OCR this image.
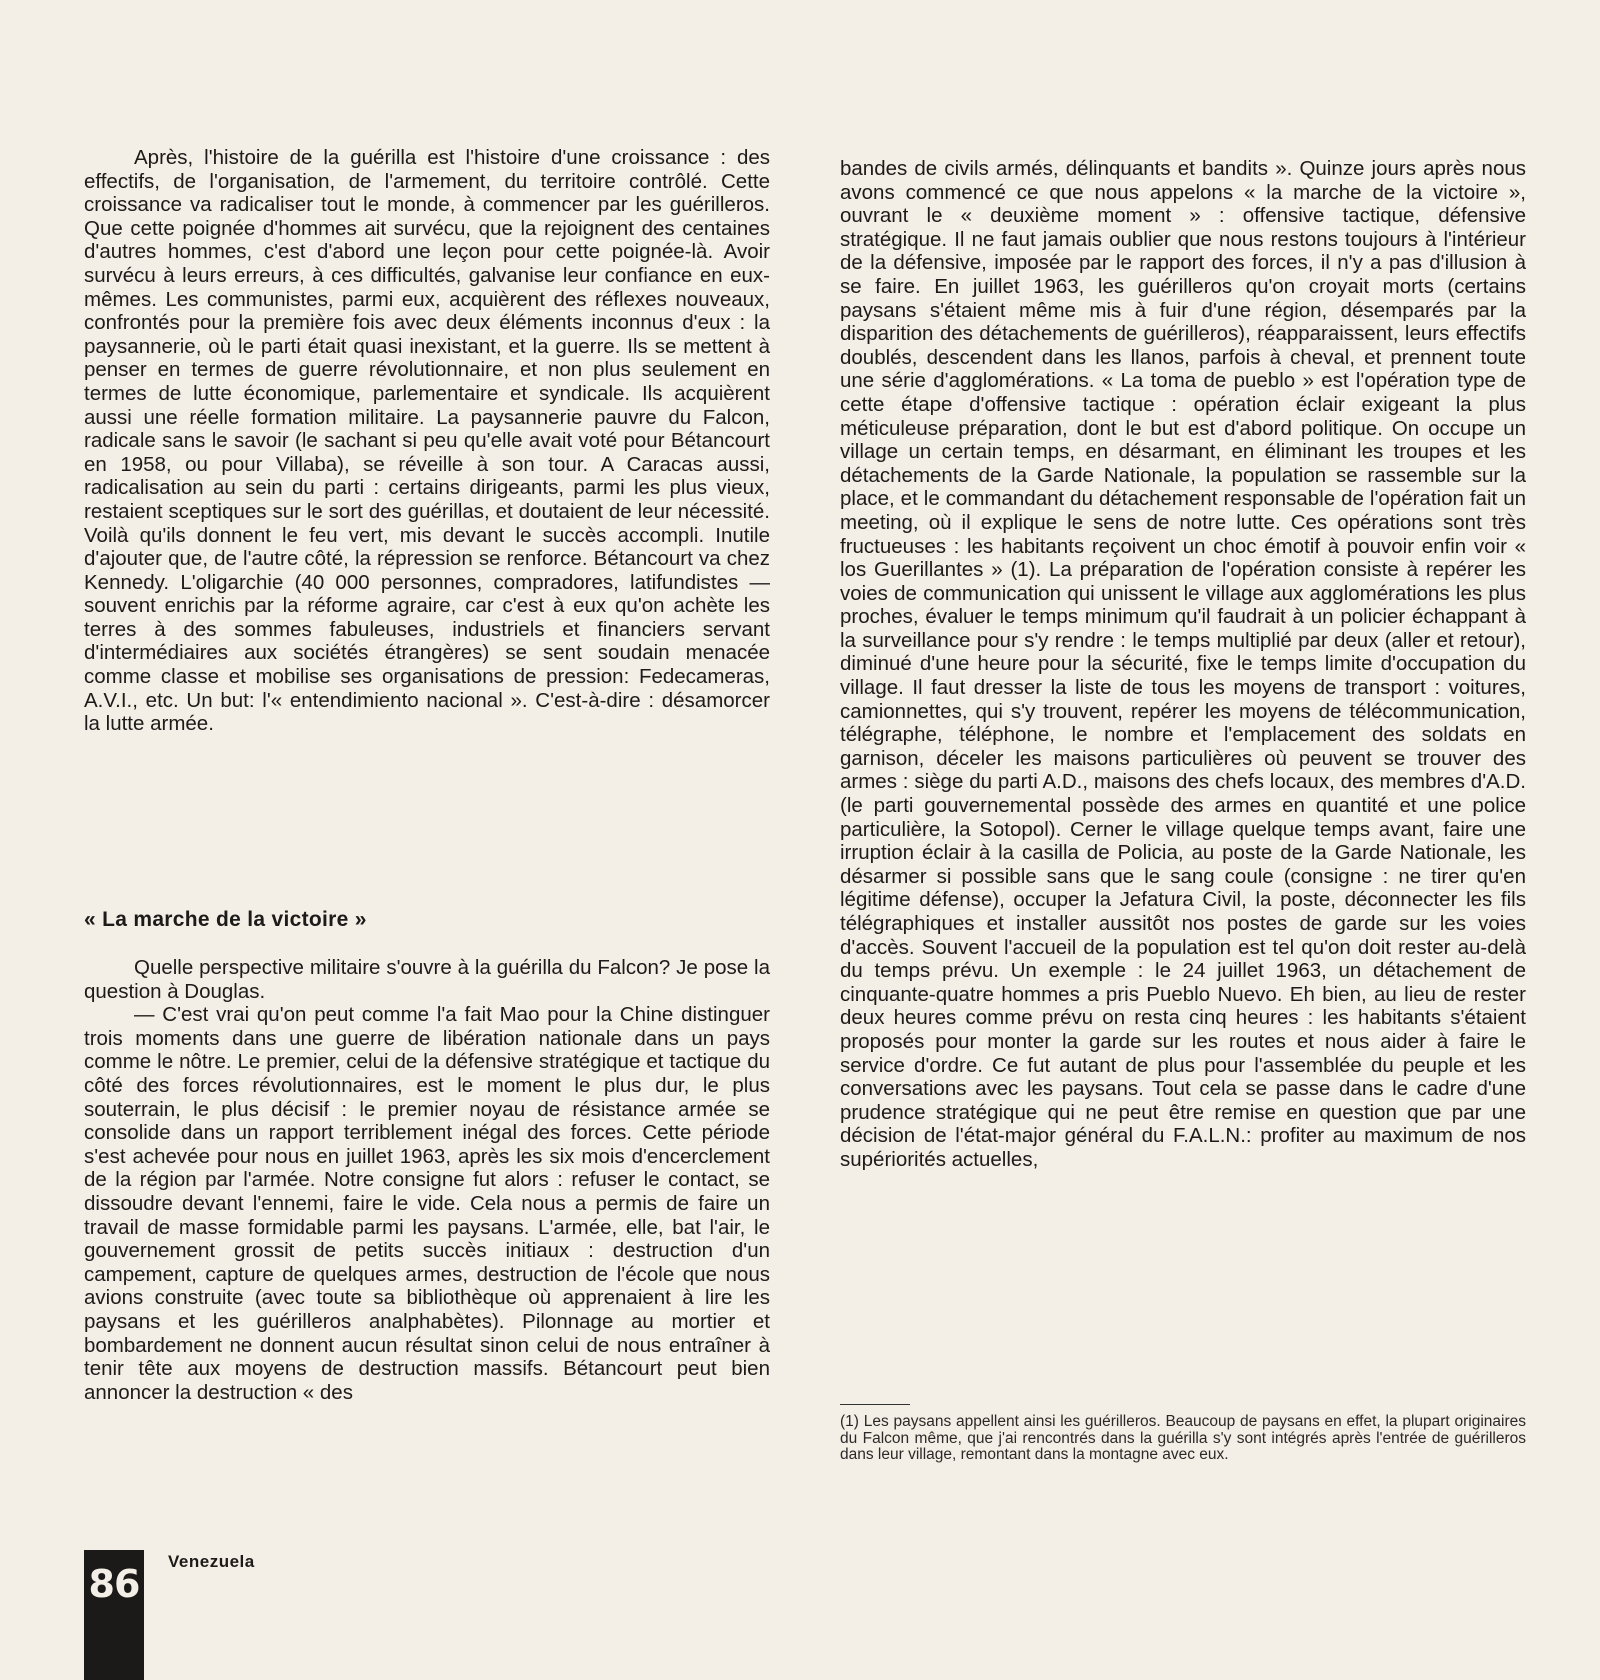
Après, l'histoire de la guérilla est l'histoire d'une croissance : des effectifs, de l'organisation, de l'armement, du territoire contrôlé. Cette croissance va radicaliser tout le monde, à commencer par les guérilleros. Que cette poignée d'hommes ait survécu, que la rejoignent des centaines d'autres hommes, c'est d'abord une leçon pour cette poignée-là. Avoir survécu à leurs erreurs, à ces difficultés, galvanise leur confiance en eux-mêmes. Les communistes, parmi eux, acquièrent des réflexes nouveaux, confrontés pour la première fois avec deux éléments inconnus d'eux : la paysannerie, où le parti était quasi inexistant, et la guerre. Ils se mettent à penser en termes de guerre révolutionnaire, et non plus seulement en termes de lutte économique, parlementaire et syndicale. Ils acquièrent aussi une réelle formation militaire. La paysannerie pauvre du Falcon, radicale sans le savoir (le sachant si peu qu'elle avait voté pour Bétancourt en 1958, ou pour Villaba), se réveille à son tour. A Caracas aussi, radicalisation au sein du parti : certains dirigeants, parmi les plus vieux, restaient sceptiques sur le sort des guérillas, et doutaient de leur nécessité. Voilà qu'ils donnent le feu vert, mis devant le succès accompli. Inutile d'ajouter que, de l'autre côté, la répression se renforce. Bétancourt va chez Kennedy. L'oligarchie (40 000 personnes, compradores, latifundistes — souvent enrichis par la réforme agraire, car c'est à eux qu'on achète les terres à des sommes fabuleuses, industriels et financiers servant d'intermédiaires aux sociétés étrangères) se sent soudain menacée comme classe et mobilise ses organisations de pression: Fedecameras, A.V.I., etc. Un but: l'« entendimiento nacional ». C'est-à-dire : désamorcer la lutte armée.

« La marche de la victoire »

Quelle perspective militaire s'ouvre à la guérilla du Falcon? Je pose la question à Douglas.

— C'est vrai qu'on peut comme l'a fait Mao pour la Chine distinguer trois moments dans une guerre de libération nationale dans un pays comme le nôtre. Le premier, celui de la défensive stratégique et tactique du côté des forces révolutionnaires, est le moment le plus dur, le plus souterrain, le plus décisif : le premier noyau de résistance armée se consolide dans un rapport terriblement inégal des forces. Cette période s'est achevée pour nous en juillet 1963, après les six mois d'encerclement de la région par l'armée. Notre consigne fut alors : refuser le contact, se dissoudre devant l'ennemi, faire le vide. Cela nous a permis de faire un travail de masse formidable parmi les paysans. L'armée, elle, bat l'air, le gouvernement grossit de petits succès initiaux : destruction d'un campement, capture de quelques armes, destruction de l'école que nous avions construite (avec toute sa bibliothèque où apprenaient à lire les paysans et les guérilleros analphabètes). Pilonnage au mortier et bombardement ne donnent aucun résultat sinon celui de nous entraîner à tenir tête aux moyens de destruction massifs. Bétancourt peut bien annoncer la destruction « des

bandes de civils armés, délinquants et bandits ». Quinze jours après nous avons commencé ce que nous appelons « la marche de la victoire », ouvrant le « deuxième moment » : offensive tactique, défensive stratégique. Il ne faut jamais oublier que nous restons toujours à l'intérieur de la défensive, imposée par le rapport des forces, il n'y a pas d'illusion à se faire. En juillet 1963, les guérilleros qu'on croyait morts (certains paysans s'étaient même mis à fuir d'une région, désemparés par la disparition des détachements de guérilleros), réapparaissent, leurs effectifs doublés, descendent dans les llanos, parfois à cheval, et prennent toute une série d'agglomérations. « La toma de pueblo » est l'opération type de cette étape d'offensive tactique : opération éclair exigeant la plus méticuleuse préparation, dont le but est d'abord politique. On occupe un village un certain temps, en désarmant, en éliminant les troupes et les détachements de la Garde Nationale, la population se rassemble sur la place, et le commandant du détachement responsable de l'opération fait un meeting, où il explique le sens de notre lutte. Ces opérations sont très fructueuses : les habitants reçoivent un choc émotif à pouvoir enfin voir « los Guerillantes » (1). La préparation de l'opération consiste à repérer les voies de communication qui unissent le village aux agglomérations les plus proches, évaluer le temps minimum qu'il faudrait à un policier échappant à la surveillance pour s'y rendre : le temps multiplié par deux (aller et retour), diminué d'une heure pour la sécurité, fixe le temps limite d'occupation du village. Il faut dresser la liste de tous les moyens de transport : voitures, camionnettes, qui s'y trouvent, repérer les moyens de télécommunication, télégraphe, téléphone, le nombre et l'emplacement des soldats en garnison, déceler les maisons particulières où peuvent se trouver des armes : siège du parti A.D., maisons des chefs locaux, des membres d'A.D. (le parti gouvernemental possède des armes en quantité et une police particulière, la Sotopol). Cerner le village quelque temps avant, faire une irruption éclair à la casilla de Policia, au poste de la Garde Nationale, les désarmer si possible sans que le sang coule (consigne : ne tirer qu'en légitime défense), occuper la Jefatura Civil, la poste, déconnecter les fils télégraphiques et installer aussitôt nos postes de garde sur les voies d'accès. Souvent l'accueil de la population est tel qu'on doit rester au-delà du temps prévu. Un exemple : le 24 juillet 1963, un détachement de cinquante-quatre hommes a pris Pueblo Nuevo. Eh bien, au lieu de rester deux heures comme prévu on resta cinq heures : les habitants s'étaient proposés pour monter la garde sur les routes et nous aider à faire le service d'ordre. Ce fut autant de plus pour l'assemblée du peuple et les conversations avec les paysans. Tout cela se passe dans le cadre d'une prudence stratégique qui ne peut être remise en question que par une décision de l'état-major général du F.A.L.N.: profiter au maximum de nos supériorités actuelles,

(1) Les paysans appellent ainsi les guérilleros. Beaucoup de paysans en effet, la plupart originaires du Falcon même, que j'ai rencontrés dans la guérilla s'y sont intégrés après l'entrée de guérilleros dans leur village, remontant dans la montagne avec eux.
86
Venezuela
